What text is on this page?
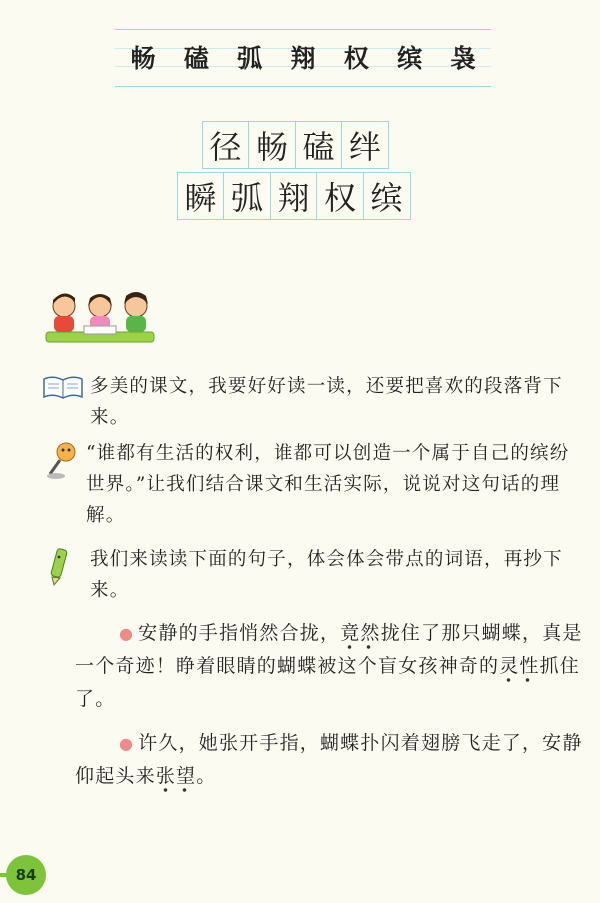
畅	磕	弧	翔	权	缤	袅
径 畅 磕 绊
瞬 弧 翔 权 缤
多美的课文，我要好好读一读，还要把喜欢的段落背下来。
“谁都有生活的权利，谁都可以创造一个属于自己的缤纷世界。”让我们结合课文和生活实际，说说对这句话的理解。
我们来读读下面的句子，体会体会带点的词语，再抄下来。
● 安静的手指悄然合拢，竟然拢住了那只蝴蝶，真是一个奇迹！睁着眼睛的蝴蝶被这个盲女孩神奇的灵性抓住了。
● 许久，她张开手指，蝴蝶扑闪着翅膀飞走了，安静仰起头来张望。
84
